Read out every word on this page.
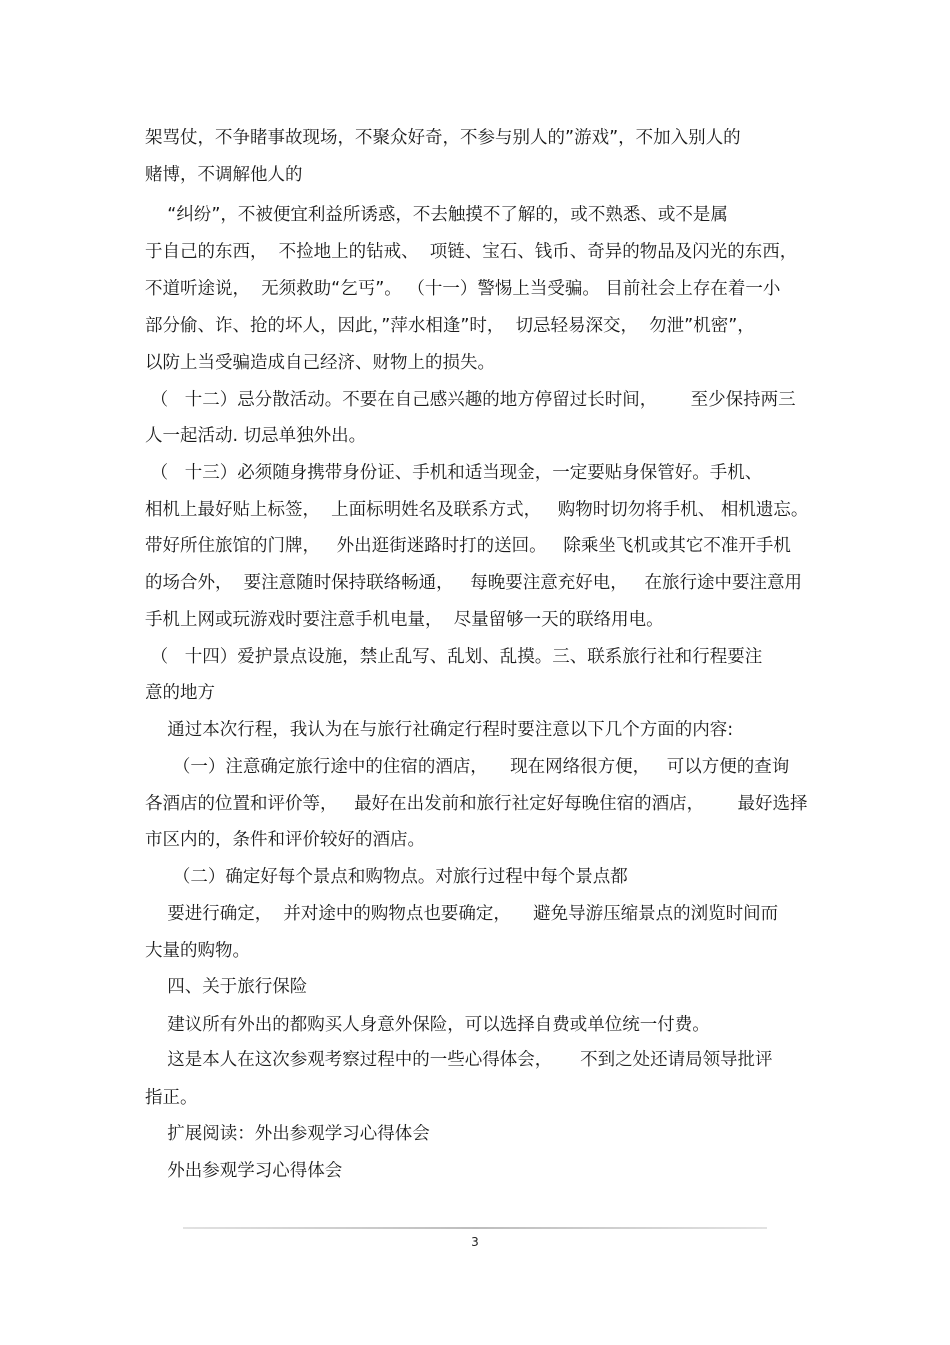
架骂仗，不争睹事故现场，不聚众好奇，不参与别人的”游戏”，不加入别人的
赌博，不调解他人的
“纠纷”，不被便宜利益所诱惑，不去触摸不了解的，或不熟悉、或不是属
于自己的东西，  不捡地上的钻戒、  项链、宝石、钱币、奇异的物品及闪光的东西，
不道听途说，  无须救助“乞丐”。 （十一）警惕上当受骗。 目前社会上存在着一小
部分偷、诈、抢的坏人，因此，”萍水相逢”时，  切忌轻易深交，  勿泄”机密”，
以防上当受骗造成自己经济、财物上的损失。
（   十二）忌分散活动。不要在自己感兴趣的地方停留过长时间，      至少保持两三
人一起活动. 切忌单独外出。
（   十三）必须随身携带身份证、手机和适当现金，一定要贴身保管好。手机、
相机上最好贴上标签，  上面标明姓名及联系方式，   购物时切勿将手机、 相机遗忘。
带好所住旅馆的门牌，   外出逛街迷路时打的送回。   除乘坐飞机或其它不准开手机
的场合外，  要注意随时保持联络畅通，   每晚要注意充好电，   在旅行途中要注意用
手机上网或玩游戏时要注意手机电量，  尽量留够一天的联络用电。
（   十四）爱护景点设施，禁止乱写、乱划、乱摸。三、联系旅行社和行程要注
意的地方
通过本次行程，我认为在与旅行社确定行程时要注意以下几个方面的内容:
（一）注意确定旅行途中的住宿的酒店，    现在网络很方便，   可以方便的查询
各酒店的位置和评价等，   最好在出发前和旅行社定好每晚住宿的酒店，      最好选择
市区内的，条件和评价较好的酒店。
（二）确定好每个景点和购物点。对旅行过程中每个景点都
要进行确定，  并对途中的购物点也要确定，    避免导游压缩景点的浏览时间而
大量的购物。
四、关于旅行保险
建议所有外出的都购买人身意外保险，可以选择自费或单位统一付费。
这是本人在这次参观考察过程中的一些心得体会，     不到之处还请局领导批评
指正。
扩展阅读：外出参观学习心得体会
外出参观学习心得体会
3
